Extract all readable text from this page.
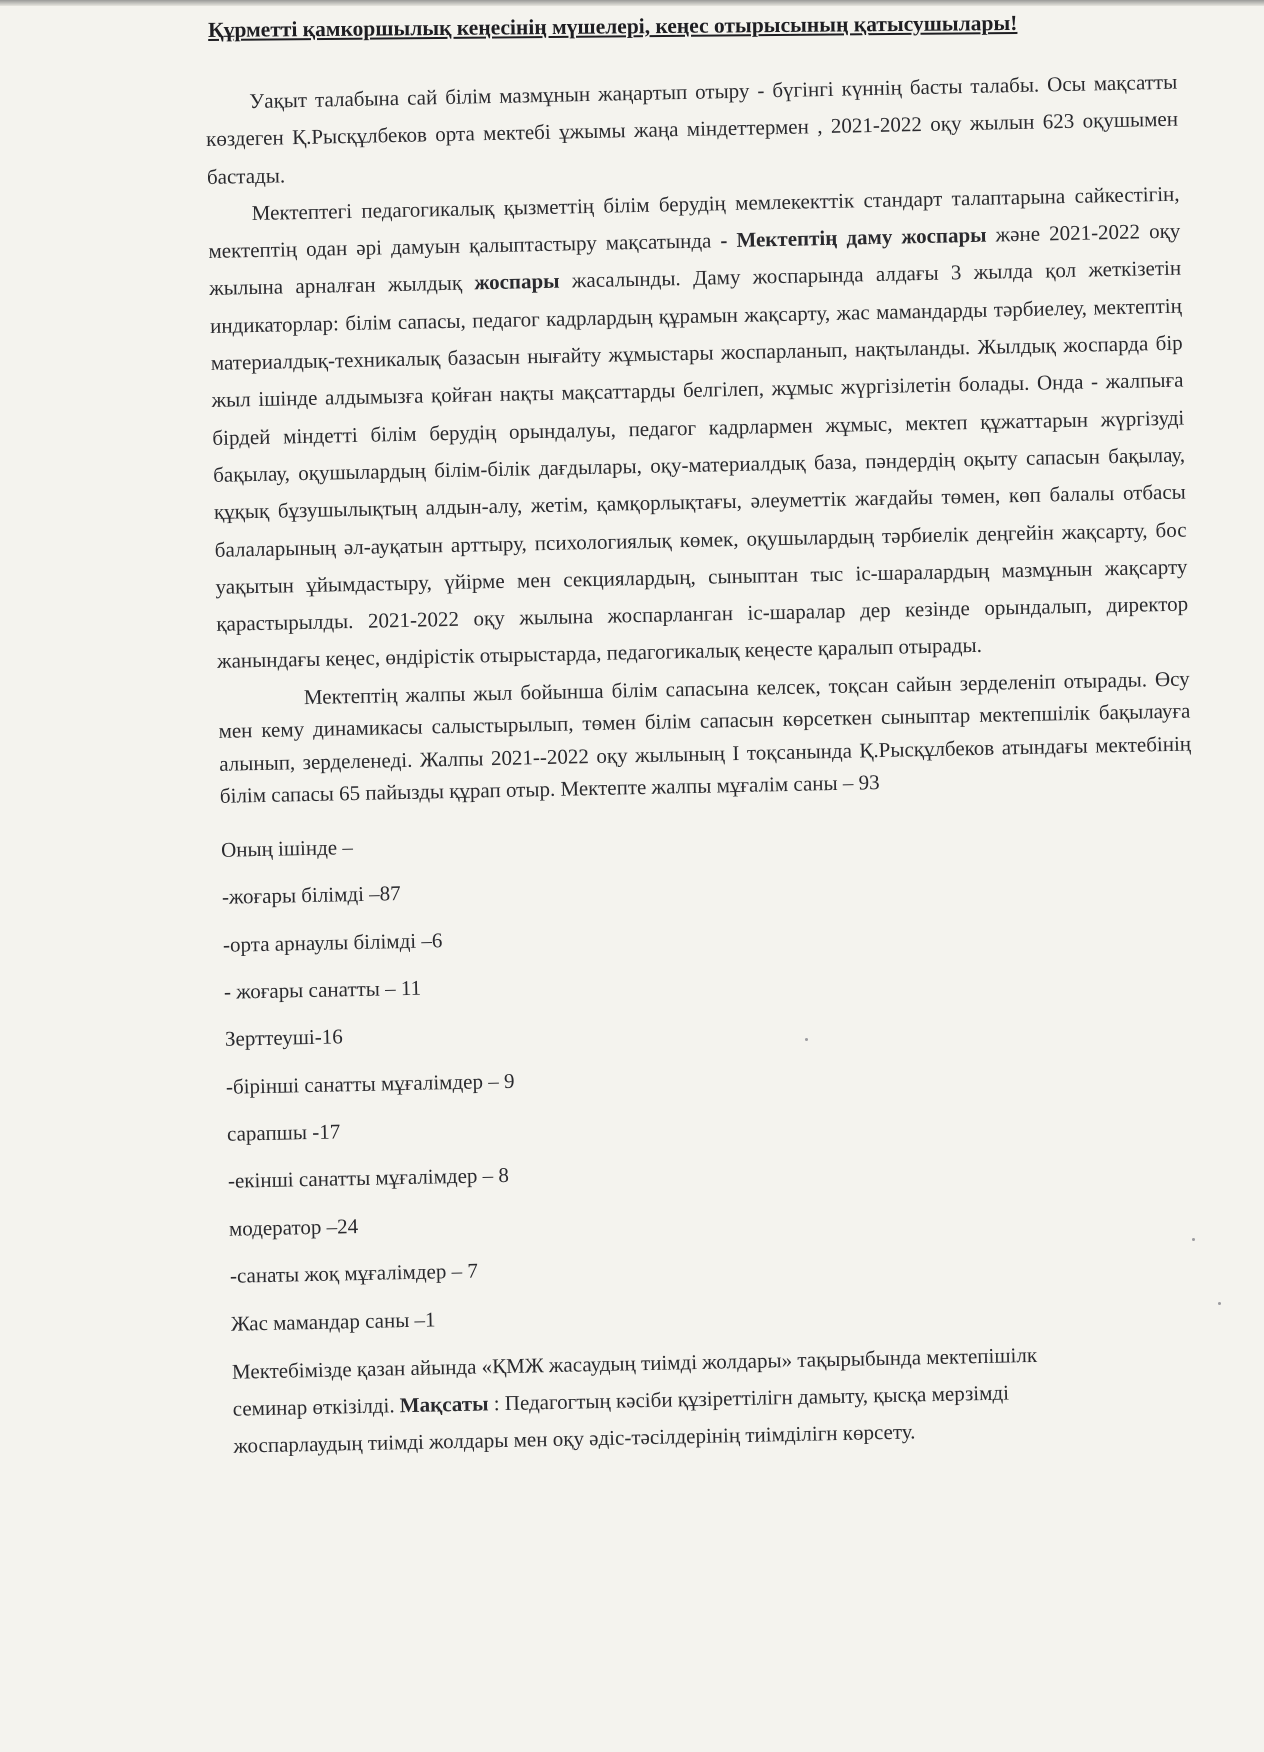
Құрметті қамкоршылық кеңесінің мүшелері, кеңес отырысының қатысушылары!

Уақыт талабына сай білім мазмұнын жаңартып отыру - бүгінгі күннің басты талабы. Осы мақсатты көздеген Қ.Рысқұлбеков орта мектебі ұжымы жаңа міндеттермен , 2021-2022 оқу жылын 623 оқушымен бастады.

Мектептегі педагогикалық қызметтің білім берудің мемлекекттік стандарт талаптарына сайкестігін, мектептің одан әрі дамуын қалыптастыру мақсатында - Мектептің даму жоспары және 2021-2022 оқу жылына арналған жылдық жоспары жасалынды. Даму жоспарында алдағы 3 жылда қол жеткізетін индикаторлар: білім сапасы, педагог кадрлардың құрамын жақсарту, жас мамандарды тәрбиелеу, мектептің материалдық-техникалық базасын нығайту жұмыстары жоспарланып, нақтыланды. Жылдық жоспарда бір жыл ішінде алдымызға қойған нақты мақсаттарды белгілеп, жұмыс жүргізілетін болады. Онда - жалпыға бірдей міндетті білім берудің орындалуы, педагог кадрлармен жұмыс, мектеп құжаттарын жүргізуді бақылау, оқушылардың білім-білік дағдылары, оқу-материалдық база, пәндердің оқыту сапасын бақылау, құқық бұзушылықтың алдын-алу, жетім, қамқорлықтағы, әлеуметтік жағдайы төмен, көп балалы отбасы балаларының әл-ауқатын арттыру, психологиялық көмек, оқушылардың тәрбиелік деңгейін жақсарту, бос уақытын ұйымдастыру, үйірме мен секциялардың, сыныптан тыс іс-шаралардың мазмұнын жақсарту қарастырылды. 2021-2022 оқу жылына жоспарланган іс-шаралар дер кезінде орындалып, директор жанындағы кеңес, өндірістік отырыстарда, педагогикалық кеңесте қаралып отырады.

Мектептің жалпы жыл бойынша білім сапасына келсек, тоқсан сайын зерделеніп отырады. Өсу мен кему динамикасы салыстырылып, төмен білім сапасын көрсеткен сыныптар мектепшілік бақылауға алынып, зерделенеді. Жалпы 2021--2022 оқу жылының І тоқсанында Қ.Рысқұлбеков атындағы мектебінің білім сапасы 65 пайызды құрап отыр. Мектепте жалпы мұғалім саны – 93

Оның ішінде –
-жоғары білімді –87
-орта арнаулы білімді –6
- жоғары санатты – 11
Зерттеуші-16
-бірінші санатты мұғалімдер – 9
сарапшы -17
-екінші санатты мұғалімдер – 8
модератор –24
-санаты жоқ мұғалімдер – 7
Жас мамандар саны –1
Мектебімізде қазан айында «ҚМЖ жасаудың тиімді жолдары» тақырыбында мектепішілк
семинар өткізілді. Мақсаты : Педагогтың кәсіби құзіреттілігн дамыту, қысқа мерзімді
жоспарлаудың тиімді жолдары мен оқу әдіс-тәсілдерінің тиімділігн көрсету.
